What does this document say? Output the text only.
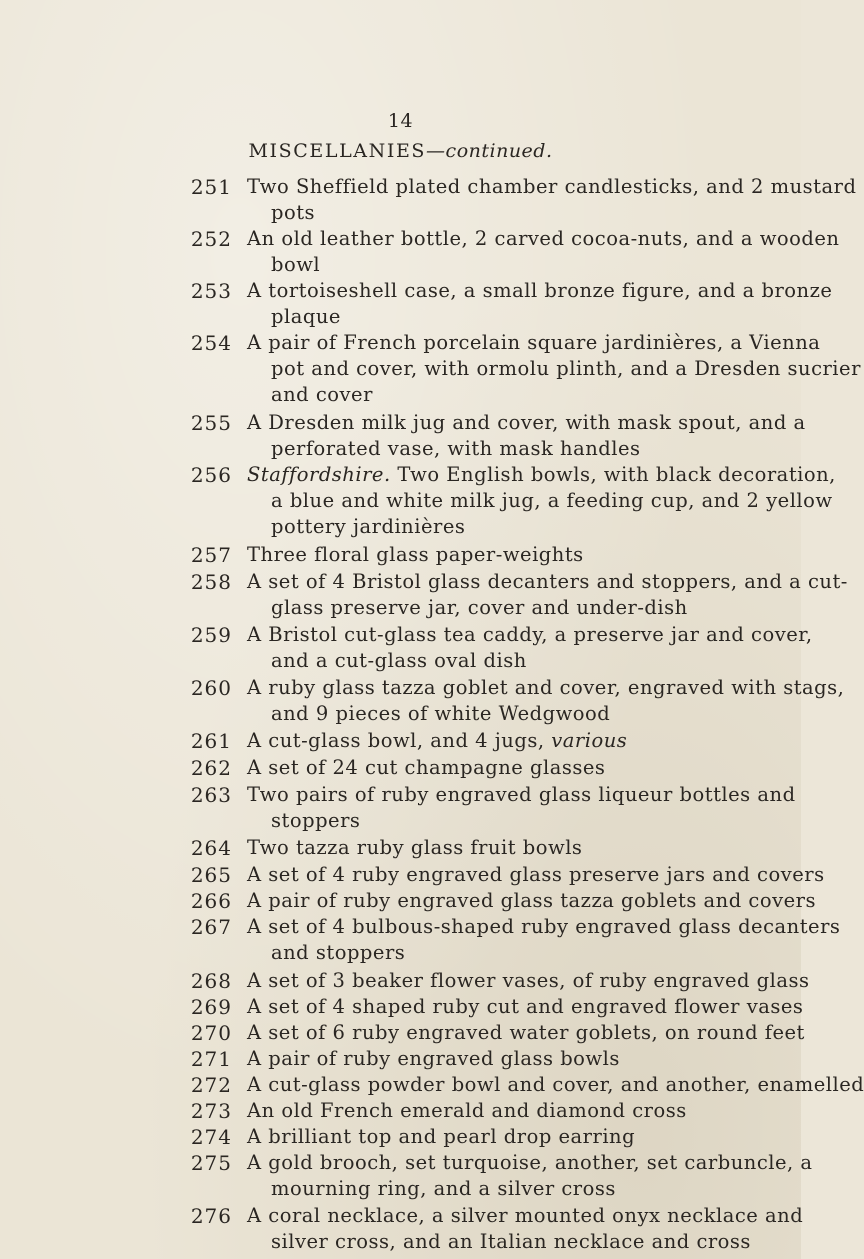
14
MISCELLANIES—continued.
251 Two Sheffield plated chamber candlesticks, and 2 mustard
pots
252 An old leather bottle, 2 carved cocoa-nuts, and a wooden
bowl
253 A tortoiseshell case, a small bronze figure, and a bronze
plaque
254 A pair of French porcelain square jardinières, a Vienna
pot and cover, with ormolu plinth, and a Dresden sucrier
and cover
255 A Dresden milk jug and cover, with mask spout, and a
perforated vase, with mask handles
256 Staffordshire. Two English bowls, with black decoration,
a blue and white milk jug, a feeding cup, and 2 yellow
pottery jardinières
257 Three floral glass paper-weights
258 A set of 4 Bristol glass decanters and stoppers, and a cut-
glass preserve jar, cover and under-dish
259 A Bristol cut-glass tea caddy, a preserve jar and cover,
and a cut-glass oval dish
260 A ruby glass tazza goblet and cover, engraved with stags,
and 9 pieces of white Wedgwood
261 A cut-glass bowl, and 4 jugs, various
262 A set of 24 cut champagne glasses
263 Two pairs of ruby engraved glass liqueur bottles and
stoppers
264 Two tazza ruby glass fruit bowls
265 A set of 4 ruby engraved glass preserve jars and covers
266 A pair of ruby engraved glass tazza goblets and covers
267 A set of 4 bulbous-shaped ruby engraved glass decanters
and stoppers
268 A set of 3 beaker flower vases, of ruby engraved glass
269 A set of 4 shaped ruby cut and engraved flower vases
270 A set of 6 ruby engraved water goblets, on round feet
271 A pair of ruby engraved glass bowls
272 A cut-glass powder bowl and cover, and another, enamelled
273 An old French emerald and diamond cross
274 A brilliant top and pearl drop earring
275 A gold brooch, set turquoise, another, set carbuncle, a
mourning ring, and a silver cross
276 A coral necklace, a silver mounted onyx necklace and
silver cross, and an Italian necklace and cross
